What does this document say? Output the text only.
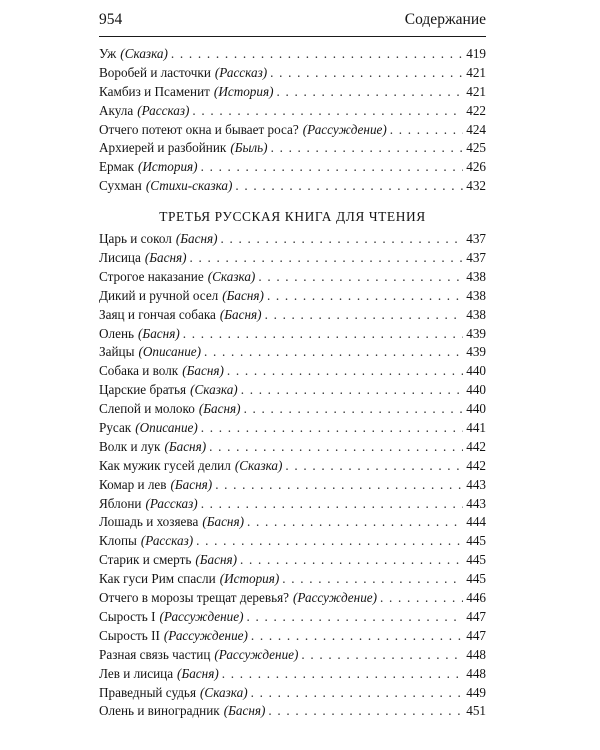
954	Содержание
Уж (Сказка) . . .	419
Воробей и ласточки (Рассказ) . . .	421
Камбиз и Псаменит (История) . . .	421
Акула (Рассказ) . . .	422
Отчего потеют окна и бывает роса? (Рассуждение) . . .	424
Архиерей и разбойник (Быль) . . .	425
Ермак (История) . . .	426
Сухман (Стихи-сказка) . . .	432
ТРЕТЬЯ РУССКАЯ КНИГА ДЛЯ ЧТЕНИЯ
Царь и сокол (Басня) . . .	437
Лисица (Басня) . . .	437
Строгое наказание (Сказка) . . .	438
Дикий и ручной осел (Басня) . . .	438
Заяц и гончая собака (Басня) . . .	438
Олень (Басня) . . .	439
Зайцы (Описание) . . .	439
Собака и волк (Басня) . . .	440
Царские братья (Сказка) . . .	440
Слепой и молоко (Басня) . . .	440
Русак (Описание) . . .	441
Волк и лук (Басня) . . .	442
Как мужик гусей делил (Сказка) . . .	442
Комар и лев (Басня) . . .	443
Яблони (Рассказ) . . .	443
Лошадь и хозяева (Басня) . . .	444
Клопы (Рассказ) . . .	445
Старик и смерть (Басня) . . .	445
Как гуси Рим спасли (История) . . .	445
Отчего в морозы трещат деревья? (Рассуждение) . . .	446
Сырость I (Рассуждение) . . .	447
Сырость II (Рассуждение) . . .	447
Разная связь частиц (Рассуждение) . . .	448
Лев и лисица (Басня) . . .	448
Праведный судья (Сказка) . . .	449
Олень и виноградник (Басня) . . .	451
